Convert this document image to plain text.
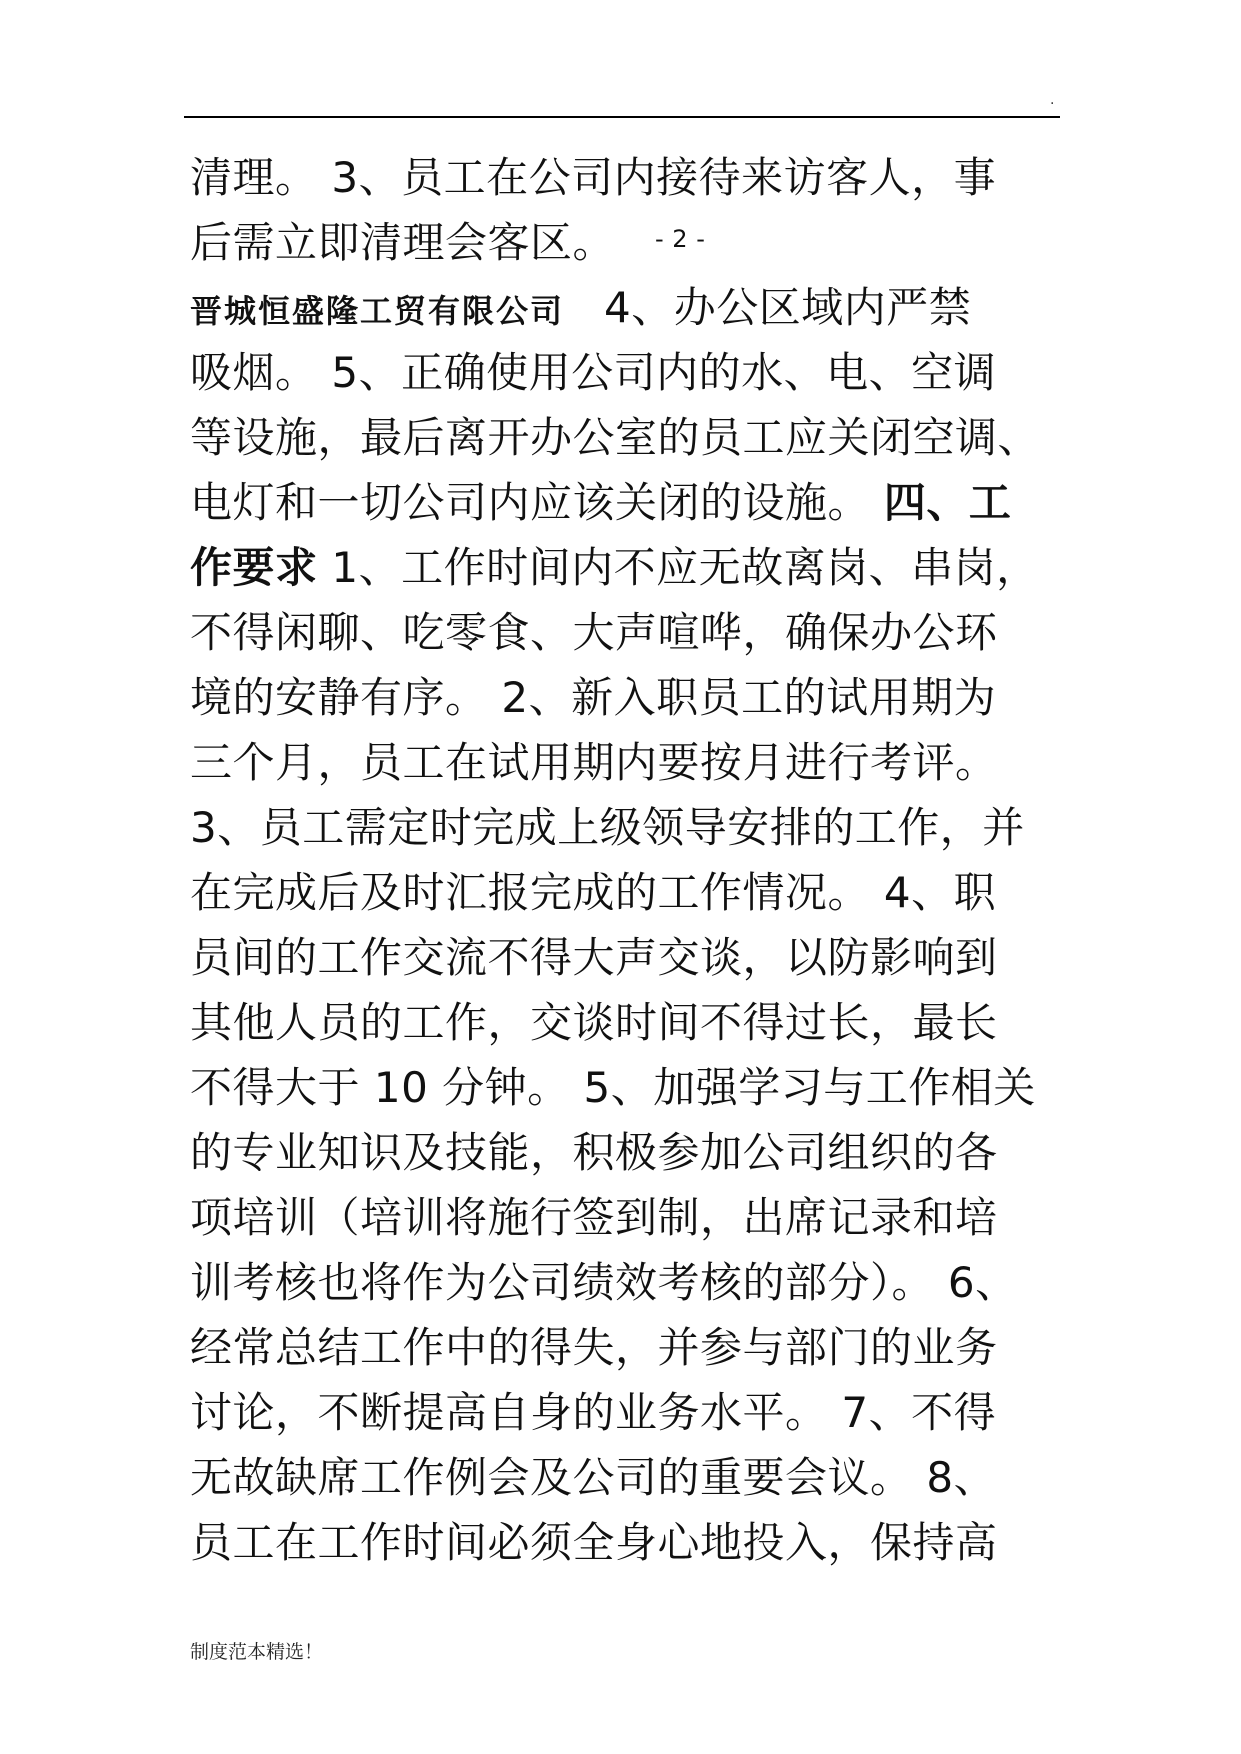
.
清理。 3、员工在公司内接待来访客人，事
后需立即清理会客区。 - 2 -
晋城恒盛隆工贸有限公司 4、办公区域内严禁
吸烟。 5、正确使用公司内的水、电、空调
等设施，最后离开办公室的员工应关闭空调、
电灯和一切公司内应该关闭的设施。 四、工
作要求 1、工作时间内不应无故离岗、串岗，
不得闲聊、吃零食、大声喧哗，确保办公环
境的安静有序。 2、新入职员工的试用期为
三个月，员工在试用期内要按月进行考评。
3、员工需定时完成上级领导安排的工作，并
在完成后及时汇报完成的工作情况。 4、职
员间的工作交流不得大声交谈，以防影响到
其他人员的工作，交谈时间不得过长，最长
不得大于 10 分钟。 5、加强学习与工作相关
的专业知识及技能，积极参加公司组织的各
项培训（培训将施行签到制，出席记录和培
训考核也将作为公司绩效考核的部分）。 6、
经常总结工作中的得失，并参与部门的业务
讨论，不断提高自身的业务水平。 7、不得
无故缺席工作例会及公司的重要会议。 8、
员工在工作时间必须全身心地投入，保持高
制度范本精选！
